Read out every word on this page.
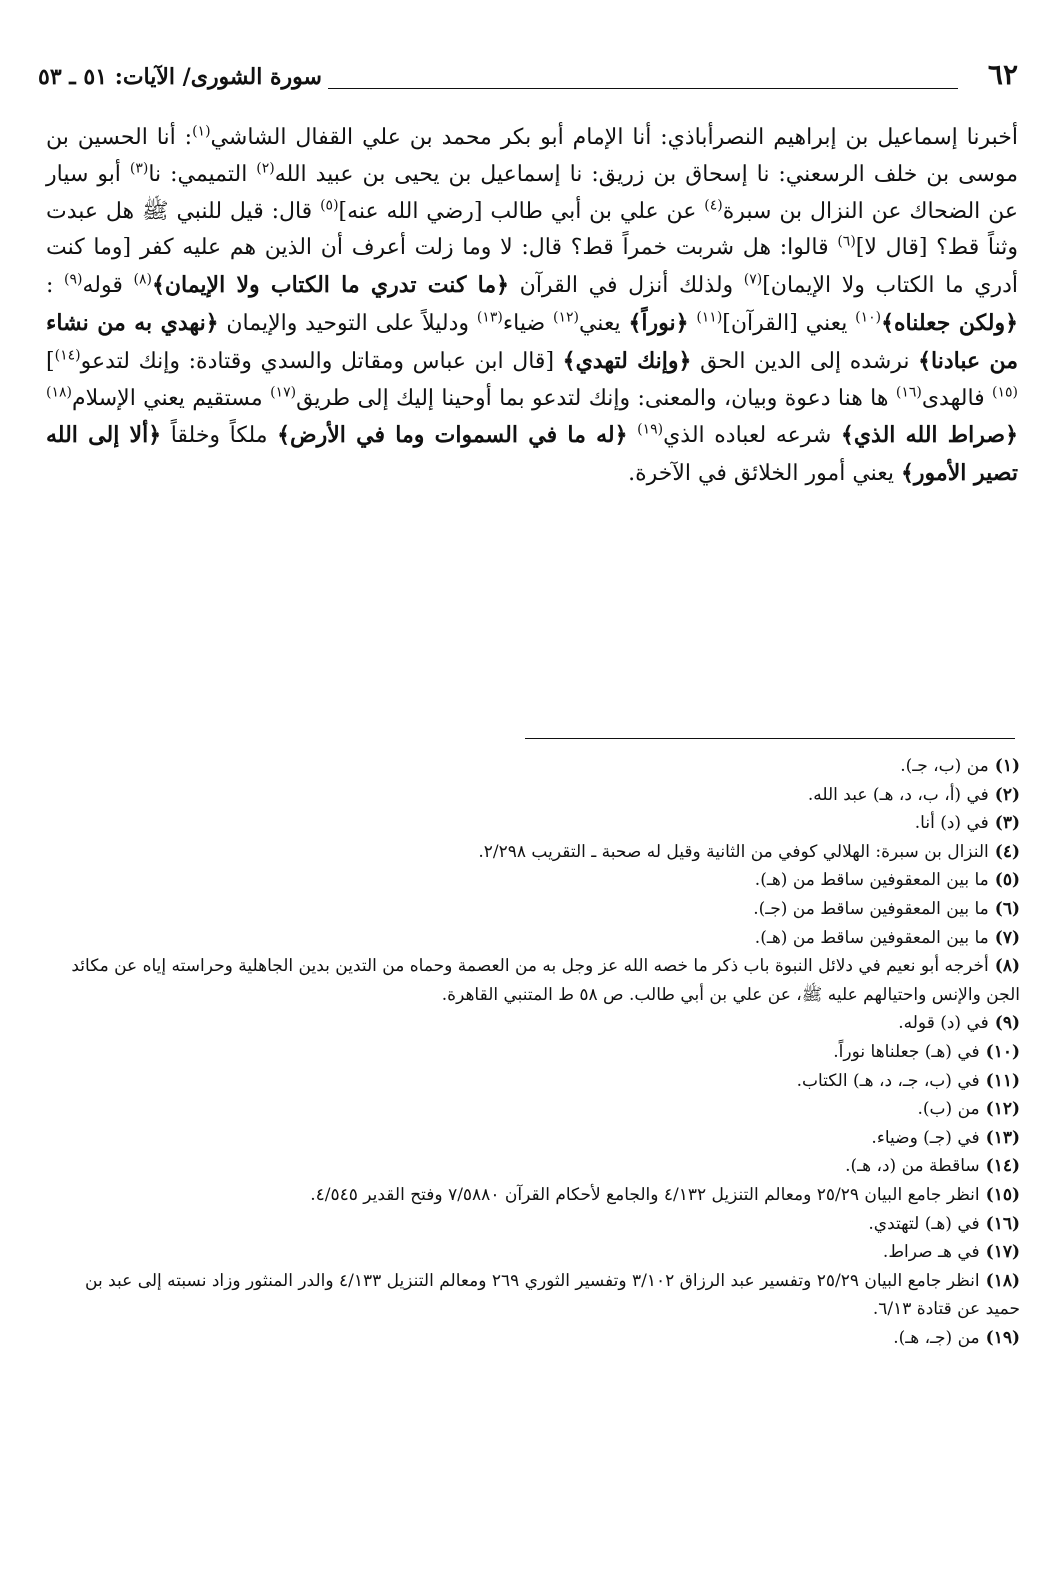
٦٢
سورة الشورى/ الآيات: ٥١ ـ ٥٣

أخبرنا إسماعيل بن إبراهيم النصرأباذي: أنا الإمام أبو بكر محمد بن علي القفال الشاشي$^{(١)}$: أنا الحسين بن موسى بن خلف الرسعني: نا إسحاق بن زريق: نا إسماعيل بن يحيى بن عبيد الله$^{(٢)}$ التميمي: نا$^{(٣)}$ أبو سيار عن الضحاك عن النزال بن سبرة$^{(٤)}$ عن علي بن أبي طالب [رضي الله عنه]$^{(٥)}$ قال: قيل للنبي ﷺ هل عبدت وثناً قط؟ [قال لا]$^{(٦)}$ قالوا: هل شربت خمراً قط؟ قال: لا وما زلت أعرف أن الذين هم عليه كفر [وما كنت أدري ما الكتاب ولا الإيمان]$^{(٧)}$ ولذلك أنزل في القرآن ﴿ما كنت تدري ما الكتاب ولا الإيمان﴾$^{(٨)}$ قوله$^{(٩)}$ : ﴿ولكن جعلناه﴾$^{(١٠)}$ يعني [القرآن]$^{(١١)}$ ﴿نوراً﴾ يعني$^{(١٢)}$ ضياء$^{(١٣)}$ ودليلاً على التوحيد والإيمان ﴿نهدي به من نشاء من عبادنا﴾ نرشده إلى الدين الحق ﴿وإنك لتهدي﴾ [قال ابن عباس ومقاتل والسدي وقتادة: وإنك لتدعو$^{(١٤)}$]$^{(١٥)}$ فالهدى$^{(١٦)}$ ها هنا دعوة وبيان، والمعنى: وإنك لتدعو بما أوحينا إليك إلى طريق$^{(١٧)}$ مستقيم يعني الإسلام$^{(١٨)}$ ﴿صراط الله الذي﴾ شرعه لعباده الذي$^{(١٩)}$ ﴿له ما في السموات وما في الأرض﴾ ملكاً وخلقاً ﴿ألا إلى الله تصير الأمور﴾ يعني أمور الخلائق في الآخرة.

(١)من (ب، جـ).
(٢)في (أ، ب، د، هـ) عبد الله.
(٣)في (د) أنا.
(٤)النزال بن سبرة: الهلالي كوفي من الثانية وقيل له صحبة ـ التقريب ٢/٢٩٨.
(٥)ما بين المعقوفين ساقط من (هـ).
(٦)ما بين المعقوفين ساقط من (جـ).
(٧)ما بين المعقوفين ساقط من (هـ).
(٨)أخرجه أبو نعيم في دلائل النبوة باب ذكر ما خصه الله عز وجل به من العصمة وحماه من التدين بدين الجاهلية وحراسته إياه عن مكائد الجن والإنس واحتيالهم عليه ﷺ، عن علي بن أبي طالب. ص ٥٨ ط المتنبي القاهرة.
(٩)في (د) قوله.
(١٠)في (هـ) جعلناها نوراً.
(١١)في (ب، جـ، د، هـ) الكتاب.
(١٢)من (ب).
(١٣)في (جـ) وضياء.
(١٤)ساقطة من (د، هـ).
(١٥)انظر جامع البيان ٢٥/٢٩ ومعالم التنزيل ٤/١٣٢ والجامع لأحكام القرآن ٧/٥٨٨٠ وفتح القدير ٤/٥٤٥.
(١٦)في (هـ) لتهتدي.
(١٧)في هـ صراط.
(١٨)انظر جامع البيان ٢٥/٢٩ وتفسير عبد الرزاق ٣/١٠٢ وتفسير الثوري ٢٦٩ ومعالم التنزيل ٤/١٣٣ والدر المنثور وزاد نسبته إلى عبد بن حميد عن قتادة ٦/١٣.
(١٩)من (جـ، هـ).
